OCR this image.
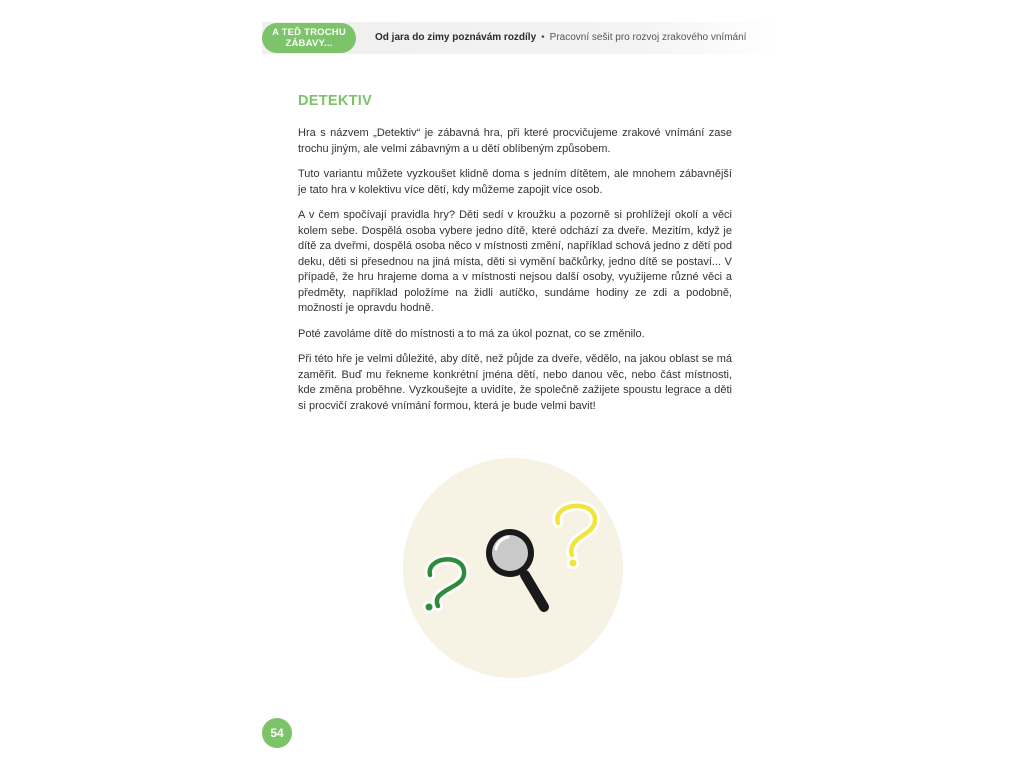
A TEĎ TROCHU ZÁBAVY...
Od jara do zimy poznávám rozdíly • Pracovní sešit pro rozvoj zrakového vnímání
DETEKTIV

Hra s názvem „Detektiv“ je zábavná hra, při které procvičujeme zrakové vnímání zase trochu jiným, ale velmi zábavným a u dětí oblíbeným způsobem.

Tuto variantu můžete vyzkoušet klidně doma s jedním dítětem, ale mnohem zábavnější je tato hra v kolektivu více dětí, kdy můžeme zapojit více osob.

A v čem spočívají pravidla hry? Děti sedí v kroužku a pozorně si prohlížejí okolí a věci kolem sebe. Dospělá osoba vybere jedno dítě, které odchází za dveře. Mezitím, když je dítě za dveřmi, dospělá osoba něco v místnosti změní, například schová jedno z dětí pod deku, děti si přesednou na jiná místa, děti si vymění bačkůrky, jedno dítě se postaví... V případě, že hru hrajeme doma a v místnosti nejsou další osoby, využijeme různé věci a předměty, například položíme na židli autíčko, sundáme hodiny ze zdi a podobně, možností je opravdu hodně.

Poté zavoláme dítě do místnosti a to má za úkol poznat, co se změnilo.

Při této hře je velmi důležité, aby dítě, než půjde za dveře, vědělo, na jakou oblast se má zaměřit. Buď mu řekneme konkrétní jména dětí, nebo danou věc, nebo část místnosti, kde změna proběhne. Vyzkoušejte a uvidíte, že společně zažijete spoustu legrace a děti si procvičí zrakové vnímání formou, která je bude velmi bavit!

54
